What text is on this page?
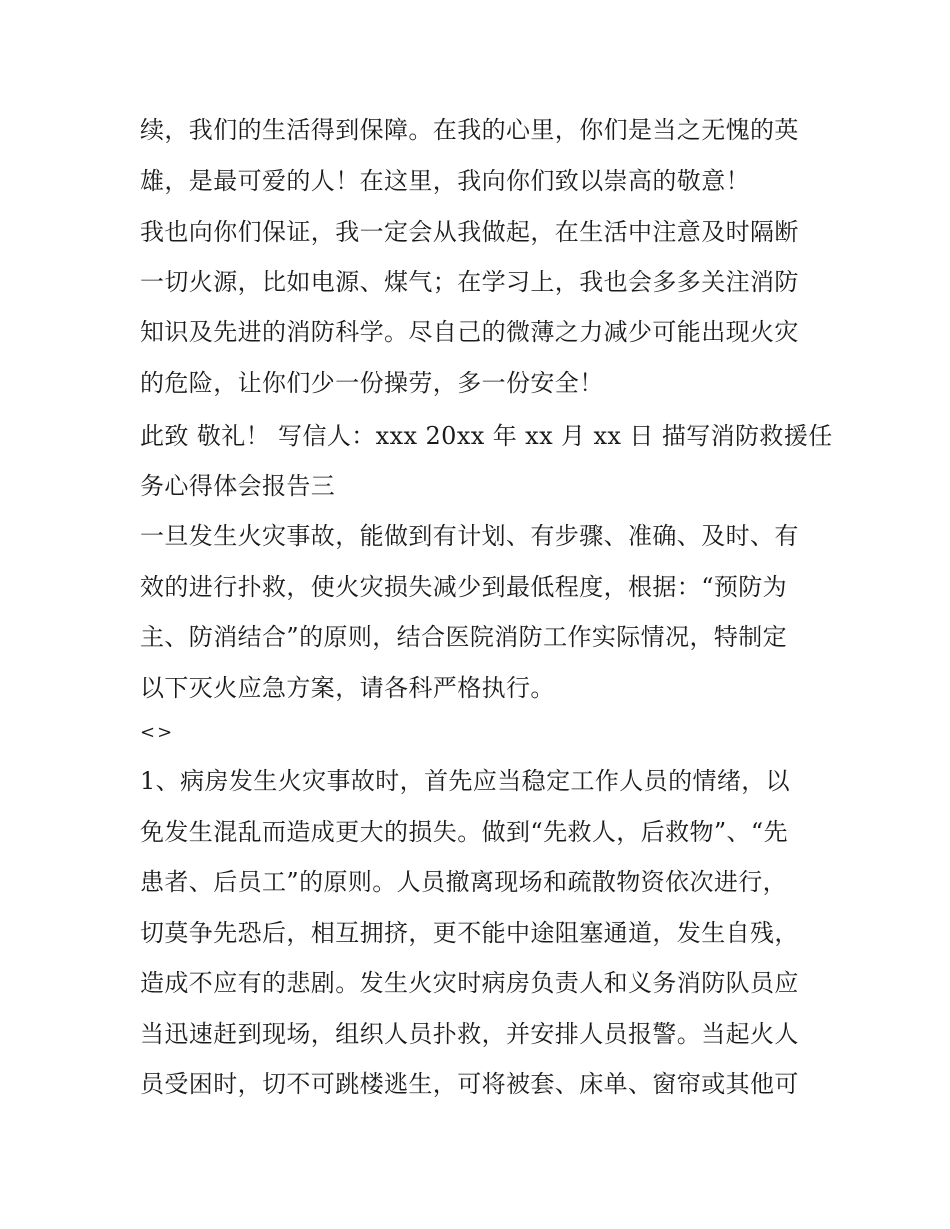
续，我们的生活得到保障。在我的心里，你们是当之无愧的英
雄，是最可爱的人！在这里，我向你们致以崇高的敬意！
我也向你们保证，我一定会从我做起，在生活中注意及时隔断
一切火源，比如电源、煤气；在学习上，我也会多多关注消防
知识及先进的消防科学。尽自己的微薄之力减少可能出现火灾
的危险，让你们少一份操劳，多一份安全！
此致 敬礼！ 写信人：xxx 20xx 年 xx 月 xx 日 描写消防救援任
务心得体会报告三
一旦发生火灾事故，能做到有计划、有步骤、准确、及时、有
效的进行扑救，使火灾损失减少到最低程度，根据：“预防为
主、防消结合”的原则，结合医院消防工作实际情况，特制定
以下灭火应急方案，请各科严格执行。
<>
1、病房发生火灾事故时，首先应当稳定工作人员的情绪，以
免发生混乱而造成更大的损失。做到“先救人，后救物”、“先
患者、后员工”的原则。人员撤离现场和疏散物资依次进行，
切莫争先恐后，相互拥挤，更不能中途阻塞通道，发生自残，
造成不应有的悲剧。发生火灾时病房负责人和义务消防队员应
当迅速赶到现场，组织人员扑救，并安排人员报警。当起火人
员受困时，切不可跳楼逃生，可将被套、床单、窗帘或其他可
